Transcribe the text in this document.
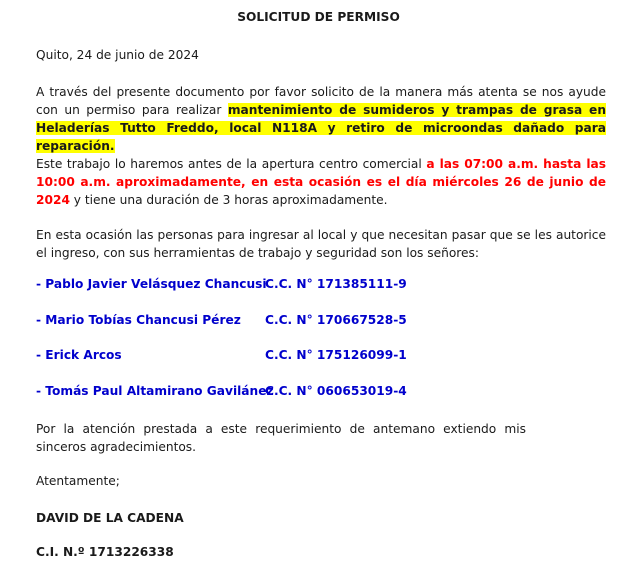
SOLICITUD DE PERMISO
Quito, 24 de junio de 2024
A través del presente documento por favor solicito de la manera más atenta se nos ayude con un permiso para realizar mantenimiento de sumideros y trampas de grasa en Heladerías Tutto Freddo, local N118A y retiro de microondas dañado para reparación.
Este trabajo lo haremos antes de la apertura centro comercial a las 07:00 a.m. hasta las 10:00 a.m. aproximadamente, en esta ocasión es el día miércoles 26 de junio de 2024 y tiene una duración de 3 horas aproximadamente.
En esta ocasión las personas para ingresar al local y que necesitan pasar que se les autorice el ingreso, con sus herramientas de trabajo y seguridad son los señores:
- Pablo Javier Velásquez Chancusi
C.C. N° 171385111-9
- Mario Tobías Chancusi Pérez C.C. N° 170667528-5
- Erick Arcos	C.C. N° 175126099-1
- Tomás Paul Altamirano Gavilánez
C.C. N° 060653019-4
Por la atención prestada a este requerimiento de antemano extiendo mis sinceros agradecimientos.
Atentamente;
DAVID DE LA CADENA
C.I. N.º 1713226338
